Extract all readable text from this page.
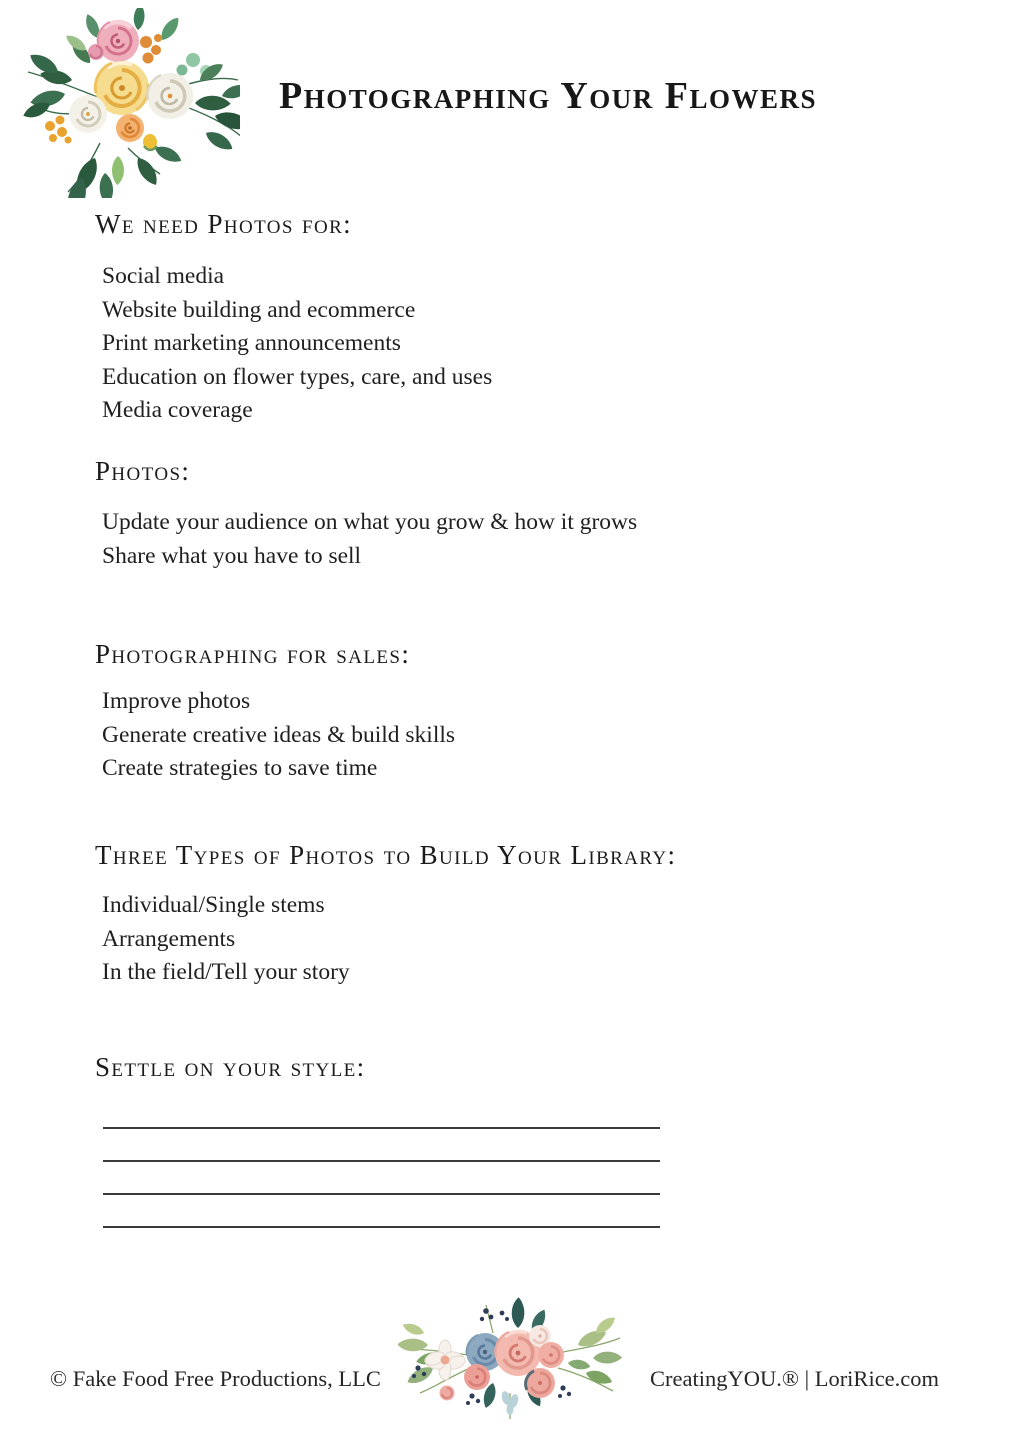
Photographing Your Flowers
We need Photos for:
Social media
Website building and ecommerce
Print marketing announcements
Education on flower types, care, and uses
Media coverage
Photos:
Update your audience on what you grow & how it grows
Share what you have to sell
Photographing for sales:
Improve photos
Generate creative ideas & build skills
Create strategies to save time
Three Types of Photos to Build Your Library:
Individual/Single stems
Arrangements
In the field/Tell your story
Settle on your style:
© Fake Food Free Productions, LLC	CreatingYOU.® | LoriRice.com
